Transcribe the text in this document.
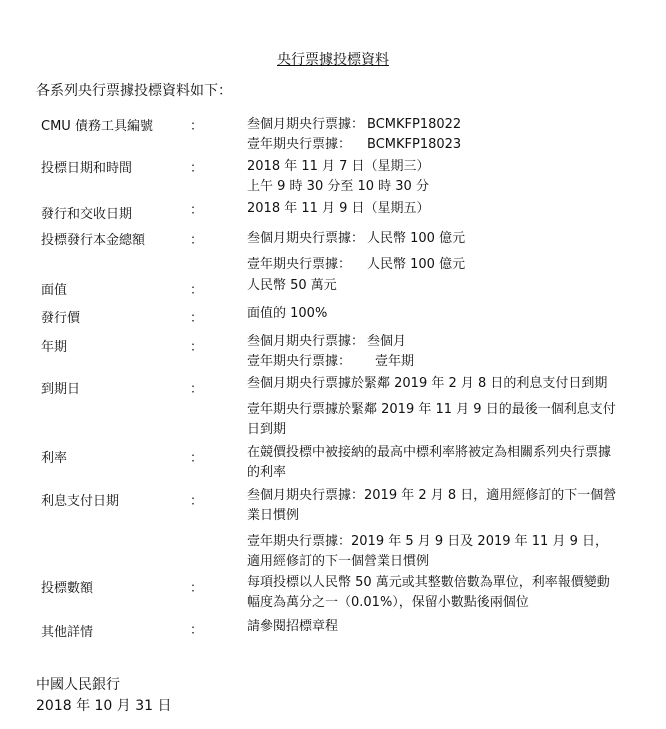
央行票據投標資料
各系列央行票據投標資料如下：
CMU 債務工具編號	：	叁個月期央行票據： BCMKFP18022
壹年期央行票據：	BCMKFP18023
投標日期和時間	：	2018 年 11 月 7 日（星期三）
上午 9 時 30 分至 10 時 30 分
發行和交收日期	：	2018 年 11 月 9 日（星期五）
投標發行本金總額	：	叁個月期央行票據： 人民幣 100 億元
壹年期央行票據：	人民幣 100 億元
面值	：	人民幣 50 萬元
發行價	：	面值的 100%
年期	：	叁個月期央行票據： 叁個月
壹年期央行票據：	壹年期
到期日	：	叁個月期央行票據於緊鄰 2019 年 2 月 8 日的利息支付日到期
壹年期央行票據於緊鄰 2019 年 11 月 9 日的最後一個利息支付日到期
利率	：	在競價投標中被接納的最高中標利率將被定為相關系列央行票據的利率
利息支付日期	：	叁個月期央行票據：2019 年 2 月 8 日，適用經修訂的下一個營業日慣例
壹年期央行票據：2019 年 5 月 9 日及 2019 年 11 月 9 日，適用經修訂的下一個營業日慣例
投標數額	：	每項投標以人民幣 50 萬元或其整數倍數為單位，利率報價變動幅度為萬分之一（0.01%），保留小數點後兩個位
其他詳情	：	請參閱招標章程
中國人民銀行
2018 年 10 月 31 日
